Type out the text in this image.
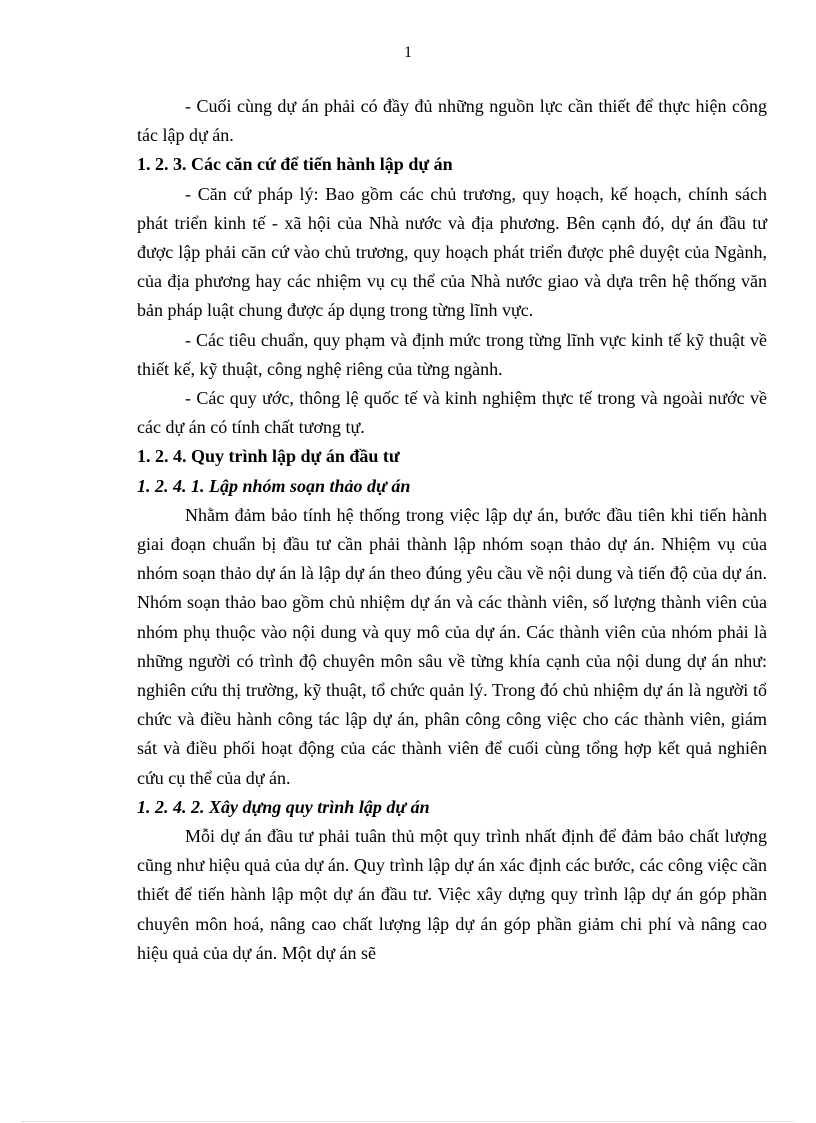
1

- Cuối cùng dự án phải có đầy đủ những nguồn lực cần thiết để thực hiện công tác lập dự án.

1. 2. 3. Các căn cứ để tiến hành lập dự án

- Căn cứ pháp lý: Bao gồm các chủ trương, quy hoạch, kế hoạch, chính sách phát triển kinh tế - xã hội của Nhà nước và địa phương. Bên cạnh đó, dự án đầu tư được lập phải căn cứ vào chủ trương, quy hoạch phát triển được phê duyệt của Ngành, của địa phương hay các nhiệm vụ cụ thể của Nhà nước giao và dựa trên hệ thống văn bản pháp luật chung được áp dụng trong từng lĩnh vực.

- Các tiêu chuẩn, quy phạm và định mức trong từng lĩnh vực kinh tế kỹ thuật về thiết kế, kỹ thuật, công nghệ riêng của từng ngành.

- Các quy ước, thông lệ quốc tế và kinh nghiệm thực tế trong và ngoài nước về các dự án có tính chất tương tự.

1. 2. 4. Quy trình lập dự án đầu tư
1. 2. 4. 1. Lập nhóm soạn thảo dự án

Nhằm đảm bảo tính hệ thống trong việc lập dự án, bước đầu tiên khi tiến hành giai đoạn chuẩn bị đầu tư cần phải thành lập nhóm soạn thảo dự án. Nhiệm vụ của nhóm soạn thảo dự án là lập dự án theo đúng yêu cầu về nội dung và tiến độ của dự án. Nhóm soạn thảo bao gồm chủ nhiệm dự án và các thành viên, số lượng thành viên của nhóm phụ thuộc vào nội dung và quy mô của dự án. Các thành viên của nhóm phải là những người có trình độ chuyên môn sâu về từng khía cạnh của nội dung dự án như: nghiên cứu thị trường, kỹ thuật, tổ chức quản lý. Trong đó chủ nhiệm dự án là người tổ chức và điều hành công tác lập dự án, phân công công việc cho các thành viên, giám sát và điều phối hoạt động của các thành viên để cuối cùng tổng hợp kết quả nghiên cứu cụ thể của dự án.

1. 2. 4. 2. Xây dựng quy trình lập dự án

Mỗi dự án đầu tư phải tuân thủ một quy trình nhất định để đảm bảo chất lượng cũng như hiệu quả của dự án. Quy trình lập dự án xác định các bước, các công việc cần thiết để tiến hành lập một dự án đầu tư. Việc xây dựng quy trình lập dự án góp phần chuyên môn hoá, nâng cao chất lượng lập dự án góp phần giảm chi phí và nâng cao hiệu quả của dự án. Một dự án sẽ
